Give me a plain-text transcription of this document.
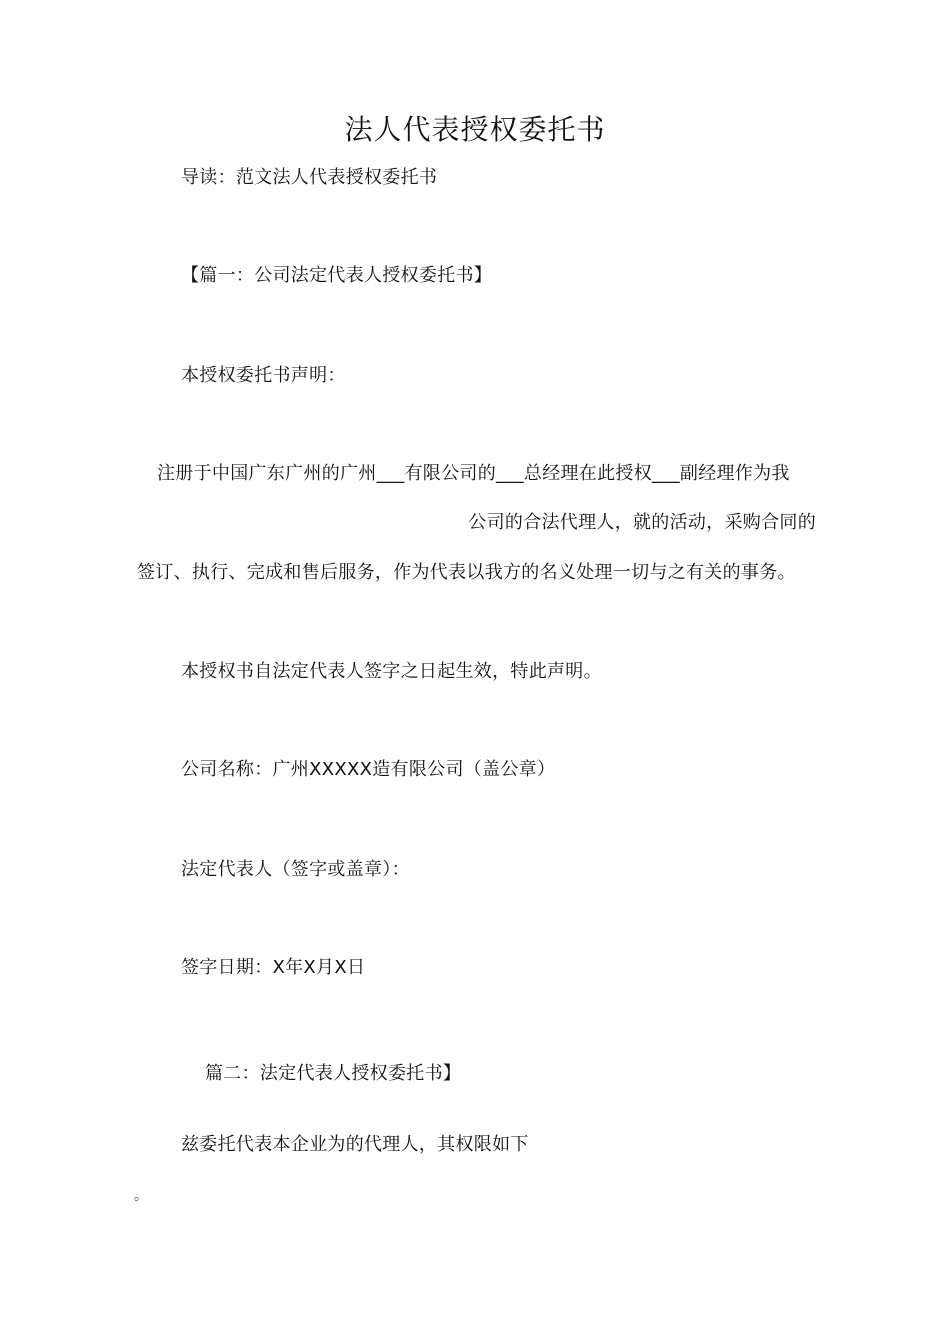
法人代表授权委托书
导读：范文法人代表授权委托书
【篇一：公司法定代表人授权委托书】
本授权委托书声明：
注册于中国广东广州的广州___有限公司的___总经理在此授权___副经理作为我
公司的合法代理人，就的活动，采购合同的
签订、执行、完成和售后服务，作为代表以我方的名义处理一切与之有关的事务。
本授权书自法定代表人签字之日起生效，特此声明。
公司名称：广州XXXXX造有限公司（盖公章）
法定代表人（签字或盖章）：
签字日期：X年X月X日
篇二：法定代表人授权委托书】
兹委托代表本企业为的代理人，其权限如下
。
